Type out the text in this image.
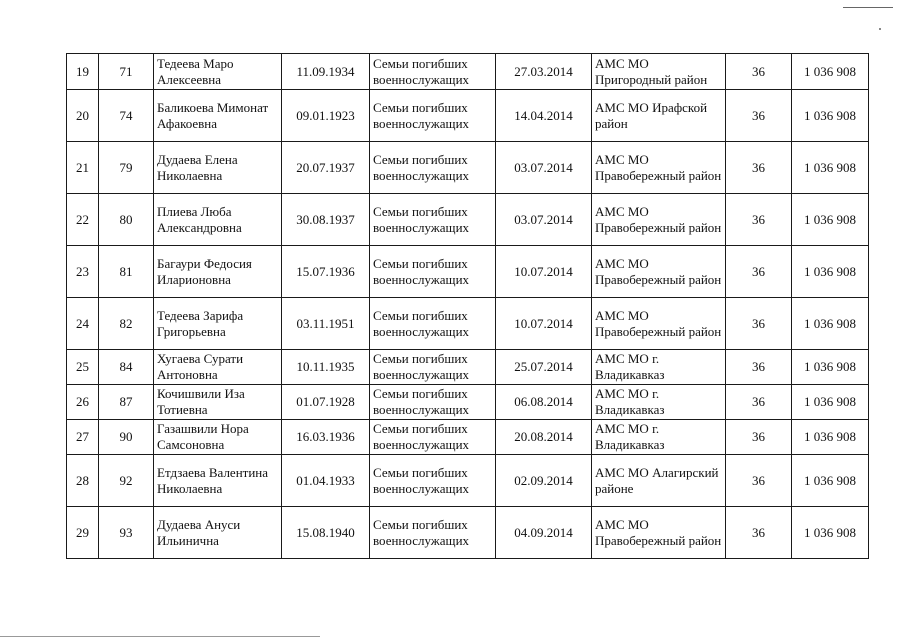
19	71	Тедеева Маро Алексеевна	11.09.1934	Семьи погибших военнослужащих	27.03.2014	АМС МО Пригородный район	36	1 036 908
20	74	Баликоева Мимонат Афакоевна	09.01.1923	Семьи погибших военнослужащих	14.04.2014	АМС МО Ирафской район	36	1 036 908
21	79	Дудаева Елена Николаевна	20.07.1937	Семьи погибших военнослужащих	03.07.2014	АМС МО Правобережный район	36	1 036 908
22	80	Плиева Люба Александровна	30.08.1937	Семьи погибших военнослужащих	03.07.2014	АМС МО Правобережный район	36	1 036 908
23	81	Багаури Федосия Иларионовна	15.07.1936	Семьи погибших военнослужащих	10.07.2014	АМС МО Правобережный район	36	1 036 908
24	82	Тедеева Зарифа Григорьевна	03.11.1951	Семьи погибших военнослужащих	10.07.2014	АМС МО Правобережный район	36	1 036 908
25	84	Хугаева Сурати Антоновна	10.11.1935	Семьи погибших военнослужащих	25.07.2014	АМС МО г. Владикавказ	36	1 036 908
26	87	Кочишвили Иза Тотиевна	01.07.1928	Семьи погибших военнослужащих	06.08.2014	АМС МО г. Владикавказ	36	1 036 908
27	90	Газашвили Нора Самсоновна	16.03.1936	Семьи погибших военнослужащих	20.08.2014	АМС МО г. Владикавказ	36	1 036 908
28	92	Етдзаева Валентина Николаевна	01.04.1933	Семьи погибших военнослужащих	02.09.2014	АМС МО Алагирский районе	36	1 036 908
29	93	Дудаева Ануси Ильинична	15.08.1940	Семьи погибших военнослужащих	04.09.2014	АМС МО Правобережный район	36	1 036 908
